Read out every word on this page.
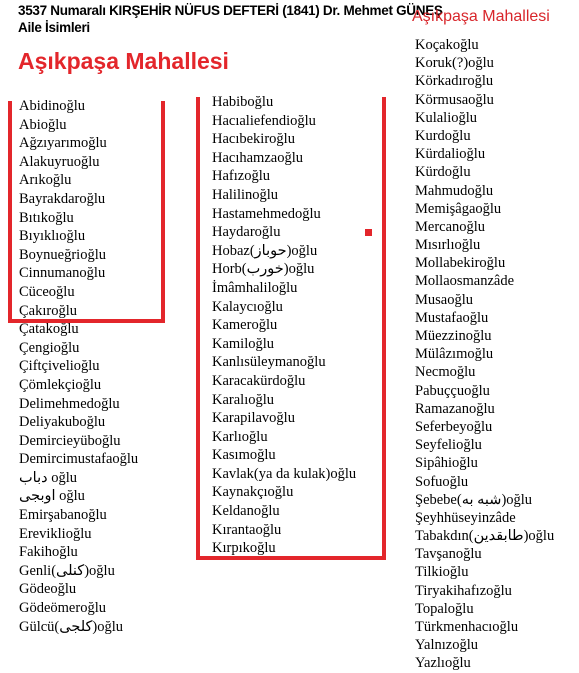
3537 Numaralı KIRŞEHİR NÜFUS DEFTERİ (1841) Dr. Mehmet GÜNEŞ
Aile İsimleri
Aşıkpaşa Mahallesi
Aşıkpaşa Mahallesi
Abidinoğlu
Abioğlu
Ağzıyarımoğlu
Alakuyruoğlu
Arıkoğlu
Bayrakdaroğlu
Bıtıkoğlu
Bıyıklıoğlu
Boynueğrioğlu
Cinnumanoğlu
Cüceoğlu
Çakıroğlu
Çatakoğlu
Çengioğlu
Çiftçivelioğlu
Çömlekçioğlu
Delimehmedoğlu
Deliyakuboğlu
Demircieyüboğlu
Demircimustafaoğlu
دباب oğlu
اوبجى oğlu
Emirşabanoğlu
Ereviklioğlu
Fakihoğlu
Genli(كنلی)oğlu
Gödeoğlu
Gödeömeroğlu
Gülcü(كلجى)oğlu
Habiboğlu
Hacıaliefendioğlu
Hacıbekiroğlu
Hacıhamzaoğlu
Hafızoğlu
Halilinoğlu
Hastamehmedoğlu
Haydaroğlu
Hobaz(حوباز)oğlu
Horb(خورب)oğlu
İmâmhaliloğlu
Kalaycıoğlu
Kameroğlu
Kamiloğlu
Kanlısüleymanoğlu
Karacakürdoğlu
Karalıoğlu
Karapilavoğlu
Karlıoğlu
Kasımoğlu
Kavlak(ya da kulak)oğlu
Kaynakçıoğlu
Keldanoğlu
Kırantaoğlu
Kırpıkoğlu
Koçakoğlu
Koruk(?)oğlu
Körkadıroğlu
Körmusaoğlu
Kulalioğlu
Kurdoğlu
Kürdalioğlu
Kürdoğlu
Mahmudoğlu
Memişâgaoğlu
Mercanoğlu
Mısırlıoğlu
Mollabekiroğlu
Mollaosmanzâde
Musaoğlu
Mustafaoğlu
Müezzinoğlu
Mülâzımoğlu
Necmoğlu
Pabuççuoğlu
Ramazanoğlu
Seferbeyoğlu
Seyfelioğlu
Sipâhioğlu
Sofuoğlu
Şebebe(شبه به)oğlu
Şeyhhüseyinzâde
Tabakdın(طابقدين)oğlu
Tavşanoğlu
Tilkioğlu
Tiryakihafızoğlu
Topaloğlu
Türkmenhacıoğlu
Yalnızoğlu
Yazlıoğlu
